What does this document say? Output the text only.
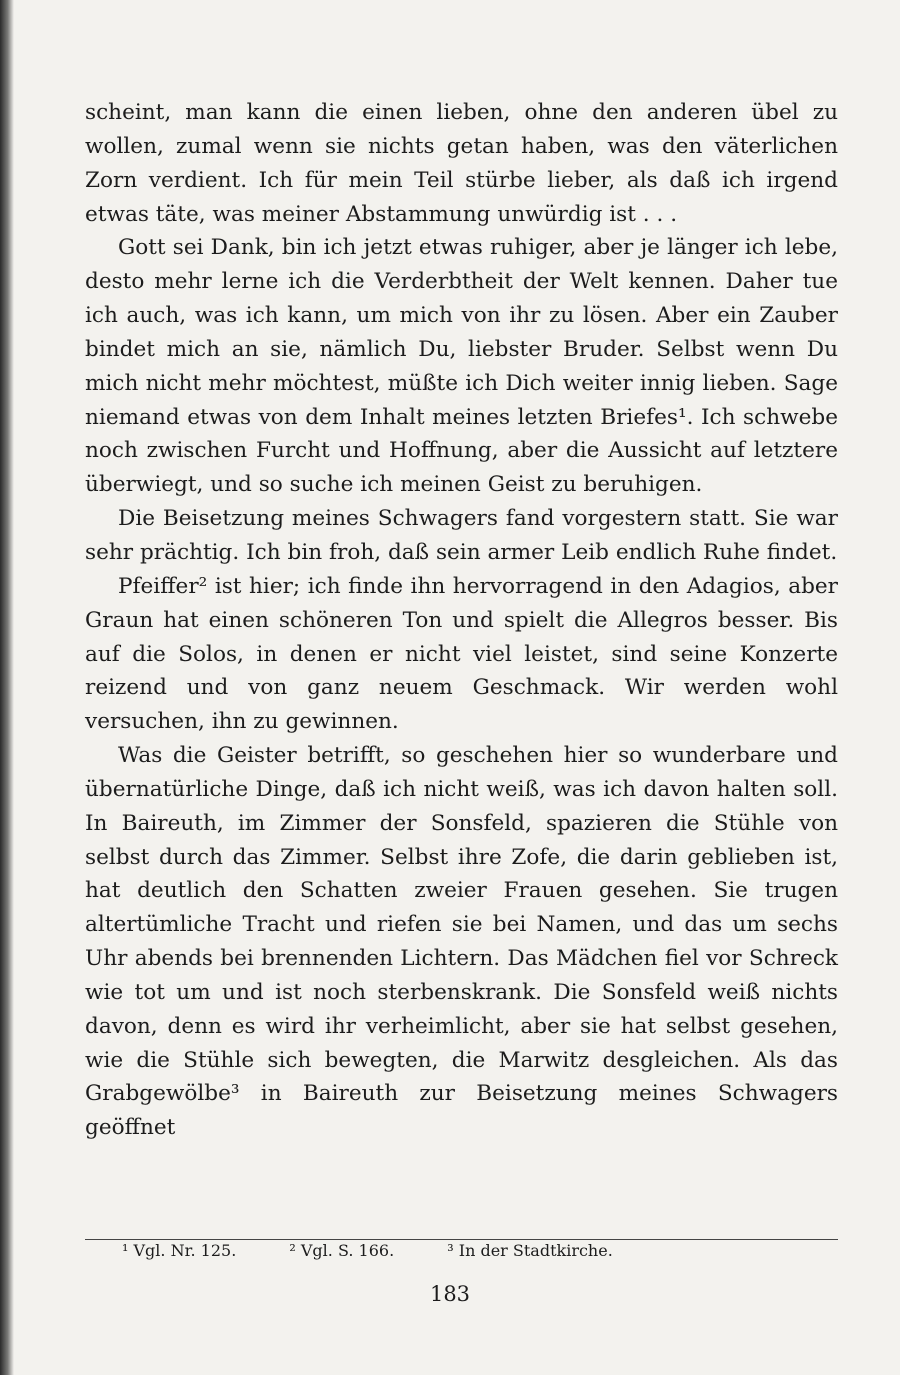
scheint, man kann die einen lieben, ohne den anderen übel zu wollen, zumal wenn sie nichts getan haben, was den väterlichen Zorn verdient. Ich für mein Teil stürbe lieber, als daß ich irgend etwas täte, was meiner Abstammung unwürdig ist . . .

Gott sei Dank, bin ich jetzt etwas ruhiger, aber je länger ich lebe, desto mehr lerne ich die Verderbtheit der Welt kennen. Daher tue ich auch, was ich kann, um mich von ihr zu lösen. Aber ein Zauber bindet mich an sie, nämlich Du, liebster Bruder. Selbst wenn Du mich nicht mehr möchtest, müßte ich Dich weiter innig lieben. Sage niemand etwas von dem Inhalt meines letzten Briefes¹. Ich schwebe noch zwischen Furcht und Hoffnung, aber die Aussicht auf letztere überwiegt, und so suche ich meinen Geist zu beruhigen.

Die Beisetzung meines Schwagers fand vorgestern statt. Sie war sehr prächtig. Ich bin froh, daß sein armer Leib endlich Ruhe findet.

Pfeiffer² ist hier; ich finde ihn hervorragend in den Adagios, aber Graun hat einen schöneren Ton und spielt die Allegros besser. Bis auf die Solos, in denen er nicht viel leistet, sind seine Konzerte reizend und von ganz neuem Geschmack. Wir werden wohl versuchen, ihn zu gewinnen.

Was die Geister betrifft, so geschehen hier so wunderbare und übernatürliche Dinge, daß ich nicht weiß, was ich davon halten soll. In Baireuth, im Zimmer der Sonsfeld, spazieren die Stühle von selbst durch das Zimmer. Selbst ihre Zofe, die darin geblieben ist, hat deutlich den Schatten zweier Frauen gesehen. Sie trugen altertümliche Tracht und riefen sie bei Namen, und das um sechs Uhr abends bei brennenden Lichtern. Das Mädchen fiel vor Schreck wie tot um und ist noch sterbenskrank. Die Sonsfeld weiß nichts davon, denn es wird ihr verheimlicht, aber sie hat selbst gesehen, wie die Stühle sich bewegten, die Marwitz desgleichen. Als das Grabgewölbe³ in Baireuth zur Beisetzung meines Schwagers geöffnet

¹ Vgl. Nr. 125.	² Vgl. S. 166.	³ In der Stadtkirche.
183
